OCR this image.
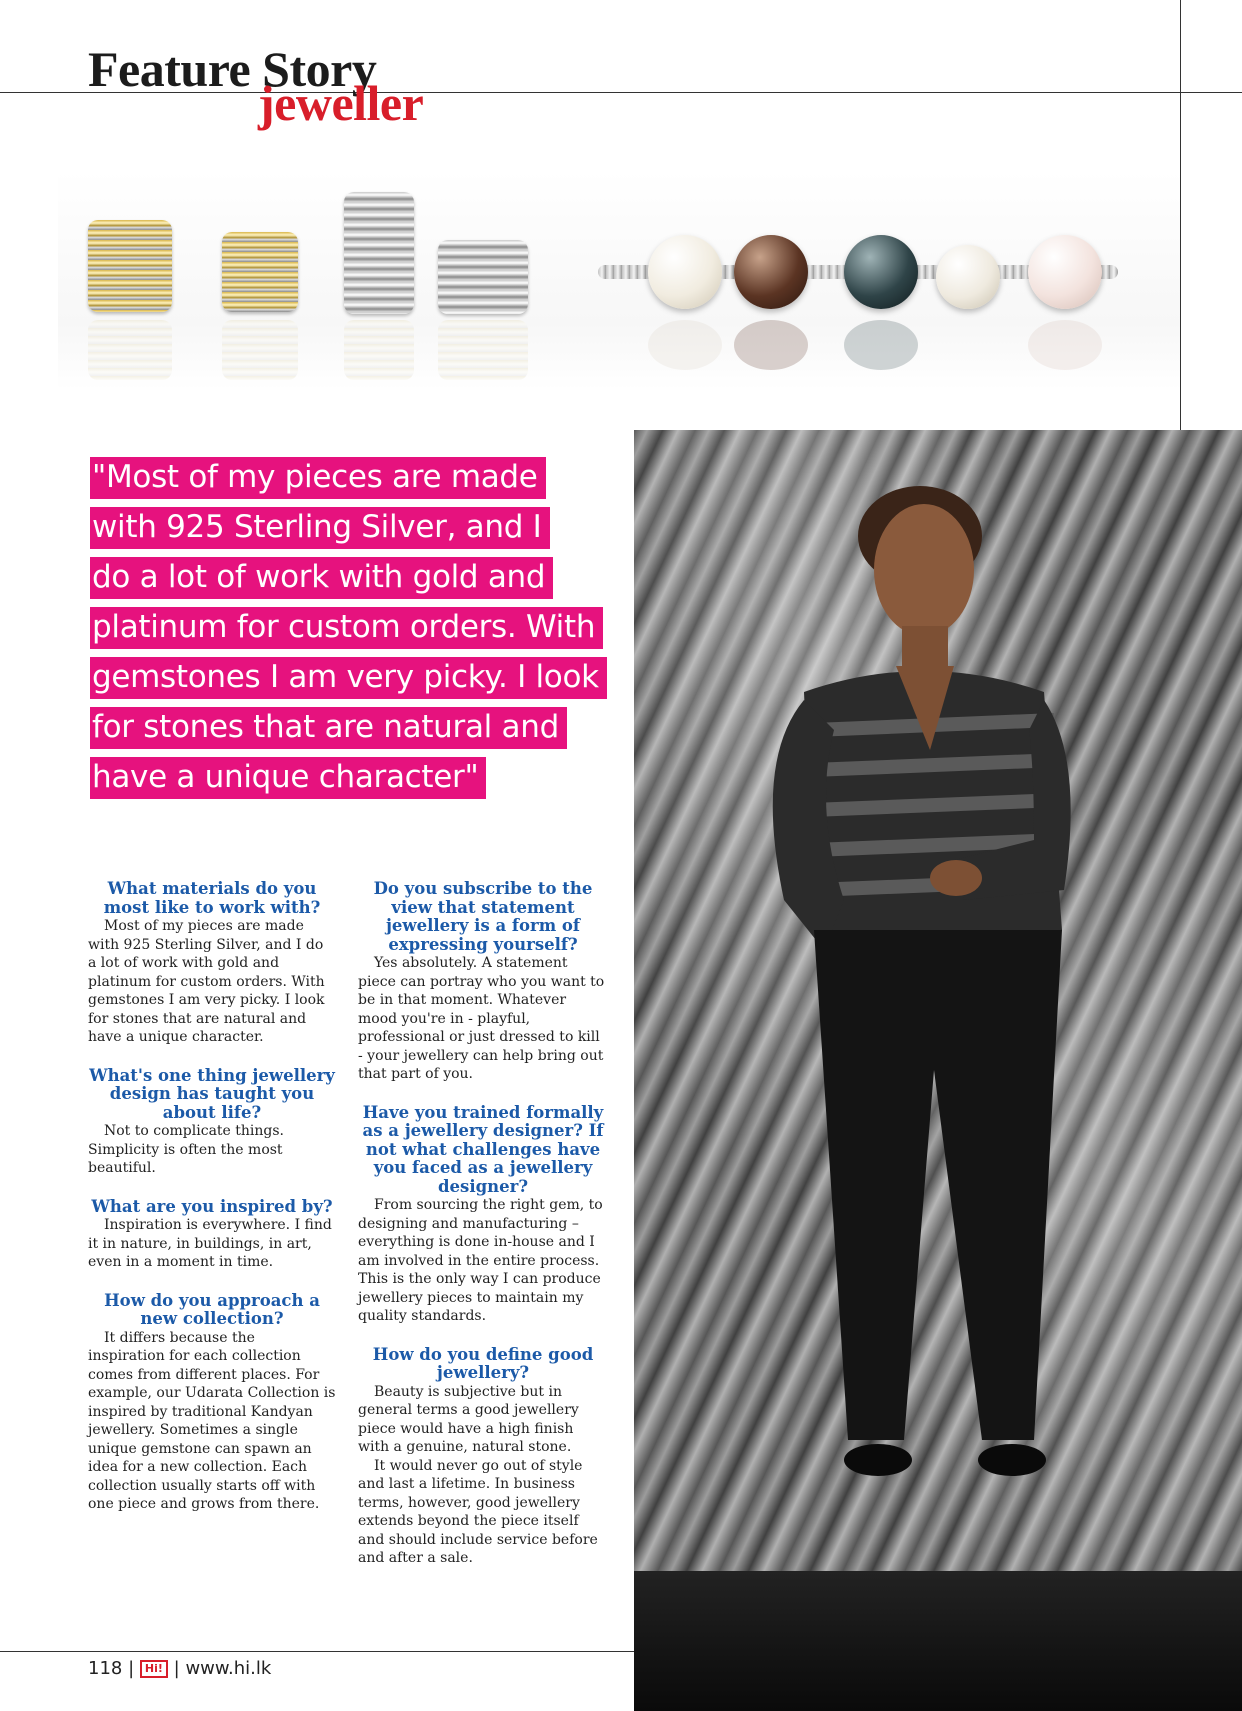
Feature Story
jeweller

"Most of my pieces are made
with 925 Sterling Silver, and I
do a lot of work with gold and
platinum for custom orders. With
gemstones I am very picky. I look
for stones that are natural and
have a unique character"

What materials do you most like to work with?

Most of my pieces are made with 925 Sterling Silver, and I do a lot of work with gold and platinum for custom orders. With gemstones I am very picky. I look for stones that are natural and have a unique character.

What's one thing jewellery design has taught you about life?

Not to complicate things. Simplicity is often the most beautiful.

What are you inspired by?

Inspiration is everywhere. I find it in nature, in buildings, in art, even in a moment in time.

How do you approach a new collection?

It differs because the inspiration for each collection comes from different places. For example, our Udarata Collection is inspired by traditional Kandyan jewellery. Sometimes a single unique gemstone can spawn an idea for a new collection. Each collection usually starts off with one piece and grows from there.

Do you subscribe to the view that statement jewellery is a form of expressing yourself?

Yes absolutely. A statement piece can portray who you want to be in that moment. Whatever mood you're in - playful, professional or just dressed to kill - your jewellery can help bring out that part of you.

Have you trained formally as a jewellery designer? If not what challenges have you faced as a jewellery designer?

From sourcing the right gem, to designing and manufacturing – everything is done in-house and I am involved in the entire process. This is the only way I can produce jewellery pieces to maintain my quality standards.

How do you define good jewellery?

Beauty is subjective but in general terms a good jewellery piece would have a high finish with a genuine, natural stone.

It would never go out of style and last a lifetime. In business terms, however, good jewellery extends beyond the piece itself and should include service before and after a sale.

118 | Hi! | www.hi.lk
